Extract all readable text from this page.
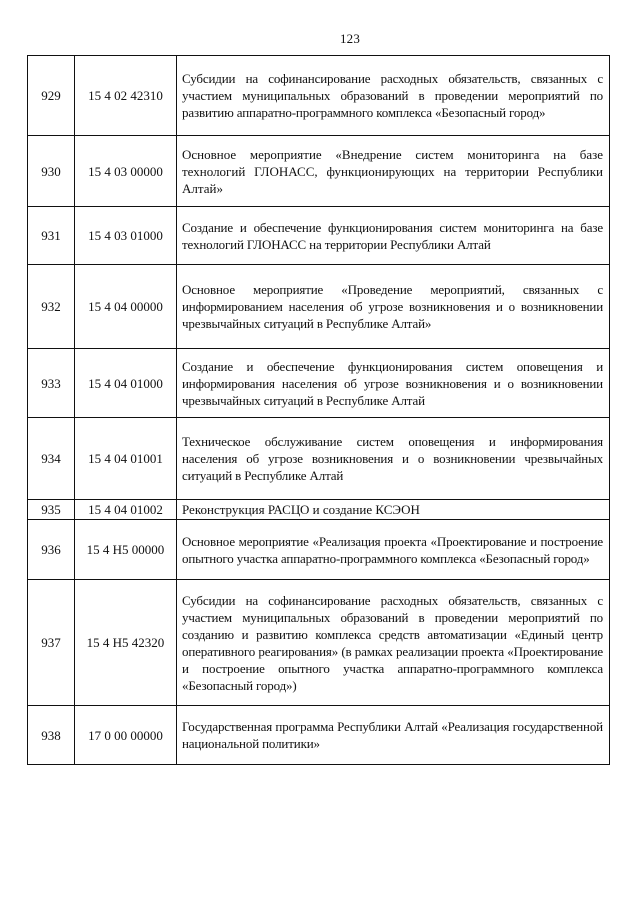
123
929	15 4 02 42310	Субсидии на софинансирование расходных обязательств, связанных с участием муниципальных образований в проведении мероприятий по развитию аппаратно-программного комплекса «Безопасный город»
930	15 4 03 00000	Основное мероприятие «Внедрение систем мониторинга на базе технологий ГЛОНАСС, функционирующих на территории Республики Алтай»
931	15 4 03 01000	Создание и обеспечение функционирования систем мониторинга на базе технологий ГЛОНАСС на территории Республики Алтай
932	15 4 04 00000	Основное мероприятие «Проведение мероприятий, связанных с информированием населения об угрозе возникновения и о возникновении чрезвычайных ситуаций в Республике Алтай»
933	15 4 04 01000	Создание и обеспечение функционирования систем оповещения и информирования населения об угрозе возникновения и о возникновении чрезвычайных ситуаций в Республике Алтай
934	15 4 04 01001	Техническое обслуживание систем оповещения и информирования населения об угрозе возникновения и о возникновении чрезвычайных ситуаций в Республике Алтай
935	15 4 04 01002	Реконструкция РАСЦО и создание КСЭОН
936	15 4 Н5 00000	Основное мероприятие «Реализация проекта «Проектирование и построение опытного участка аппаратно-программного комплекса «Безопасный город»
937	15 4 Н5 42320	Субсидии на софинансирование расходных обязательств, связанных с участием муниципальных образований в проведении мероприятий по созданию и развитию комплекса средств автоматизации «Единый центр оперативного реагирования» (в рамках реализации проекта «Проектирование и построение опытного участка аппаратно-программного комплекса «Безопасный город»)
938	17 0 00 00000	Государственная программа Республики Алтай «Реализация государственной национальной политики»
